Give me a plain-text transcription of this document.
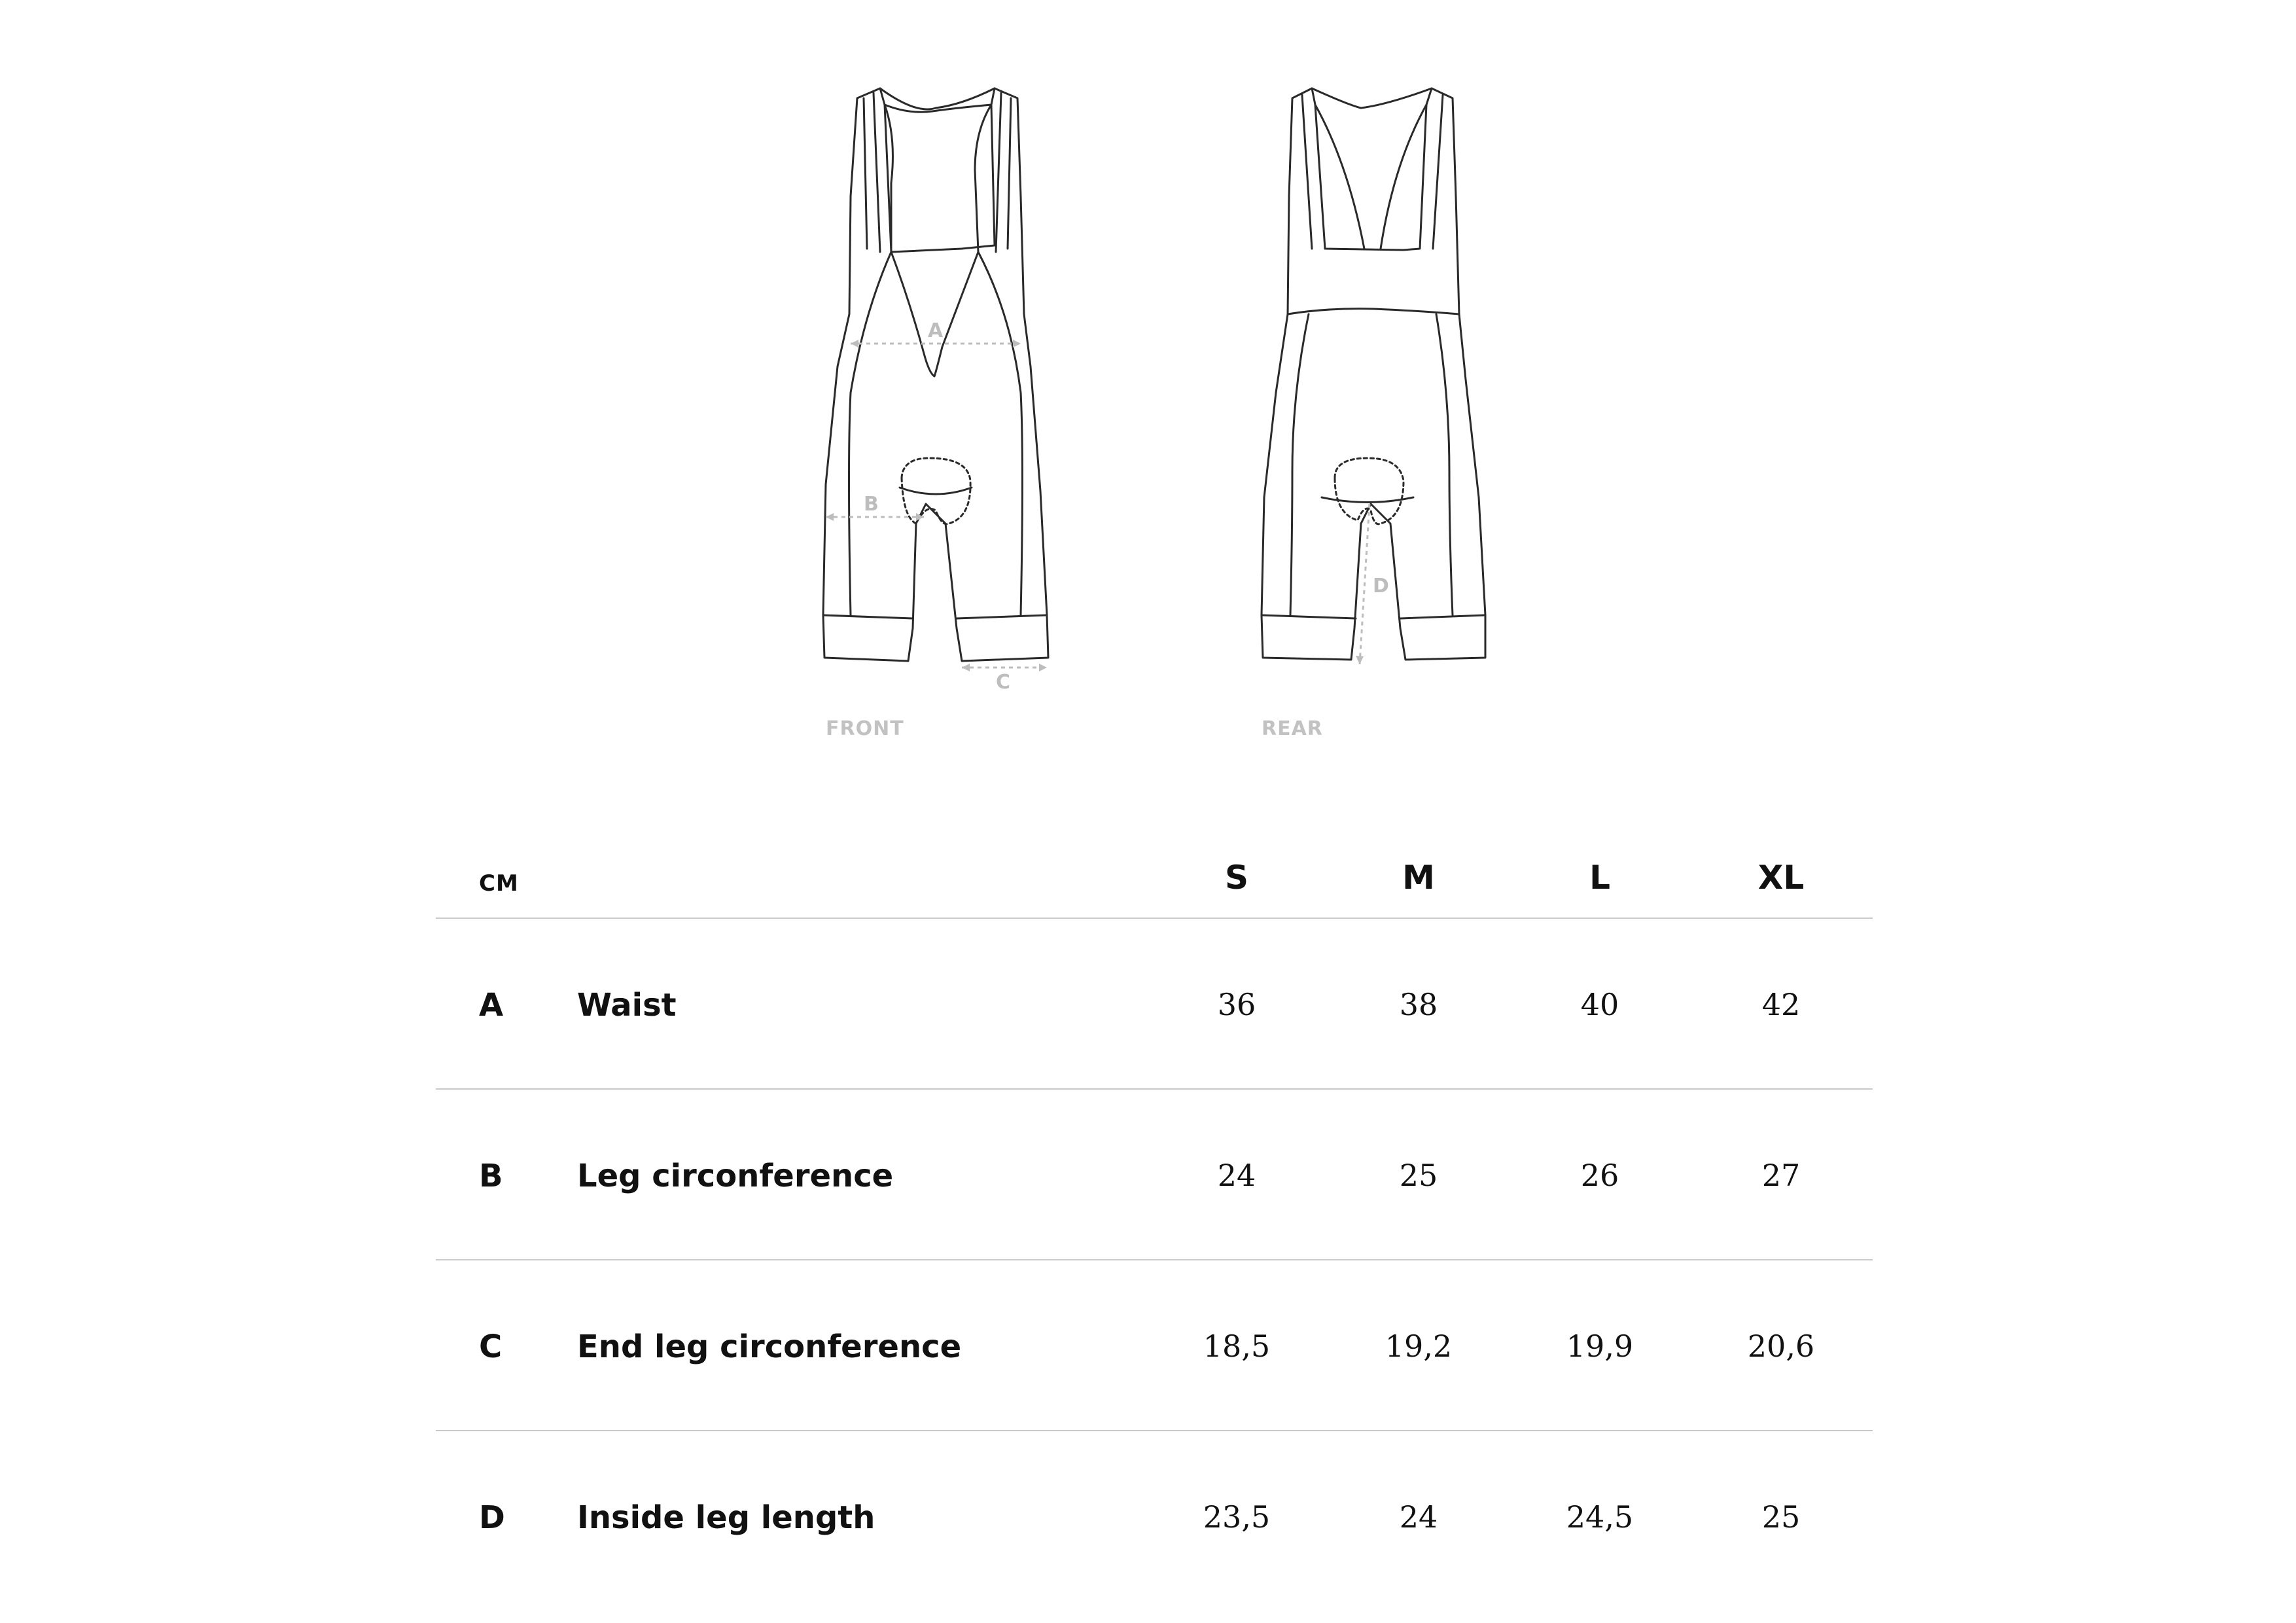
A
B
C
D
FRONT	REAR
CM	S	M	L	XL
A Waist	36	38	40	42
B Leg circonference	24	25	26	27
C End leg circonference	18,5	19,2	19,9	20,6
D Inside leg length	23,5	24	24,5	25
